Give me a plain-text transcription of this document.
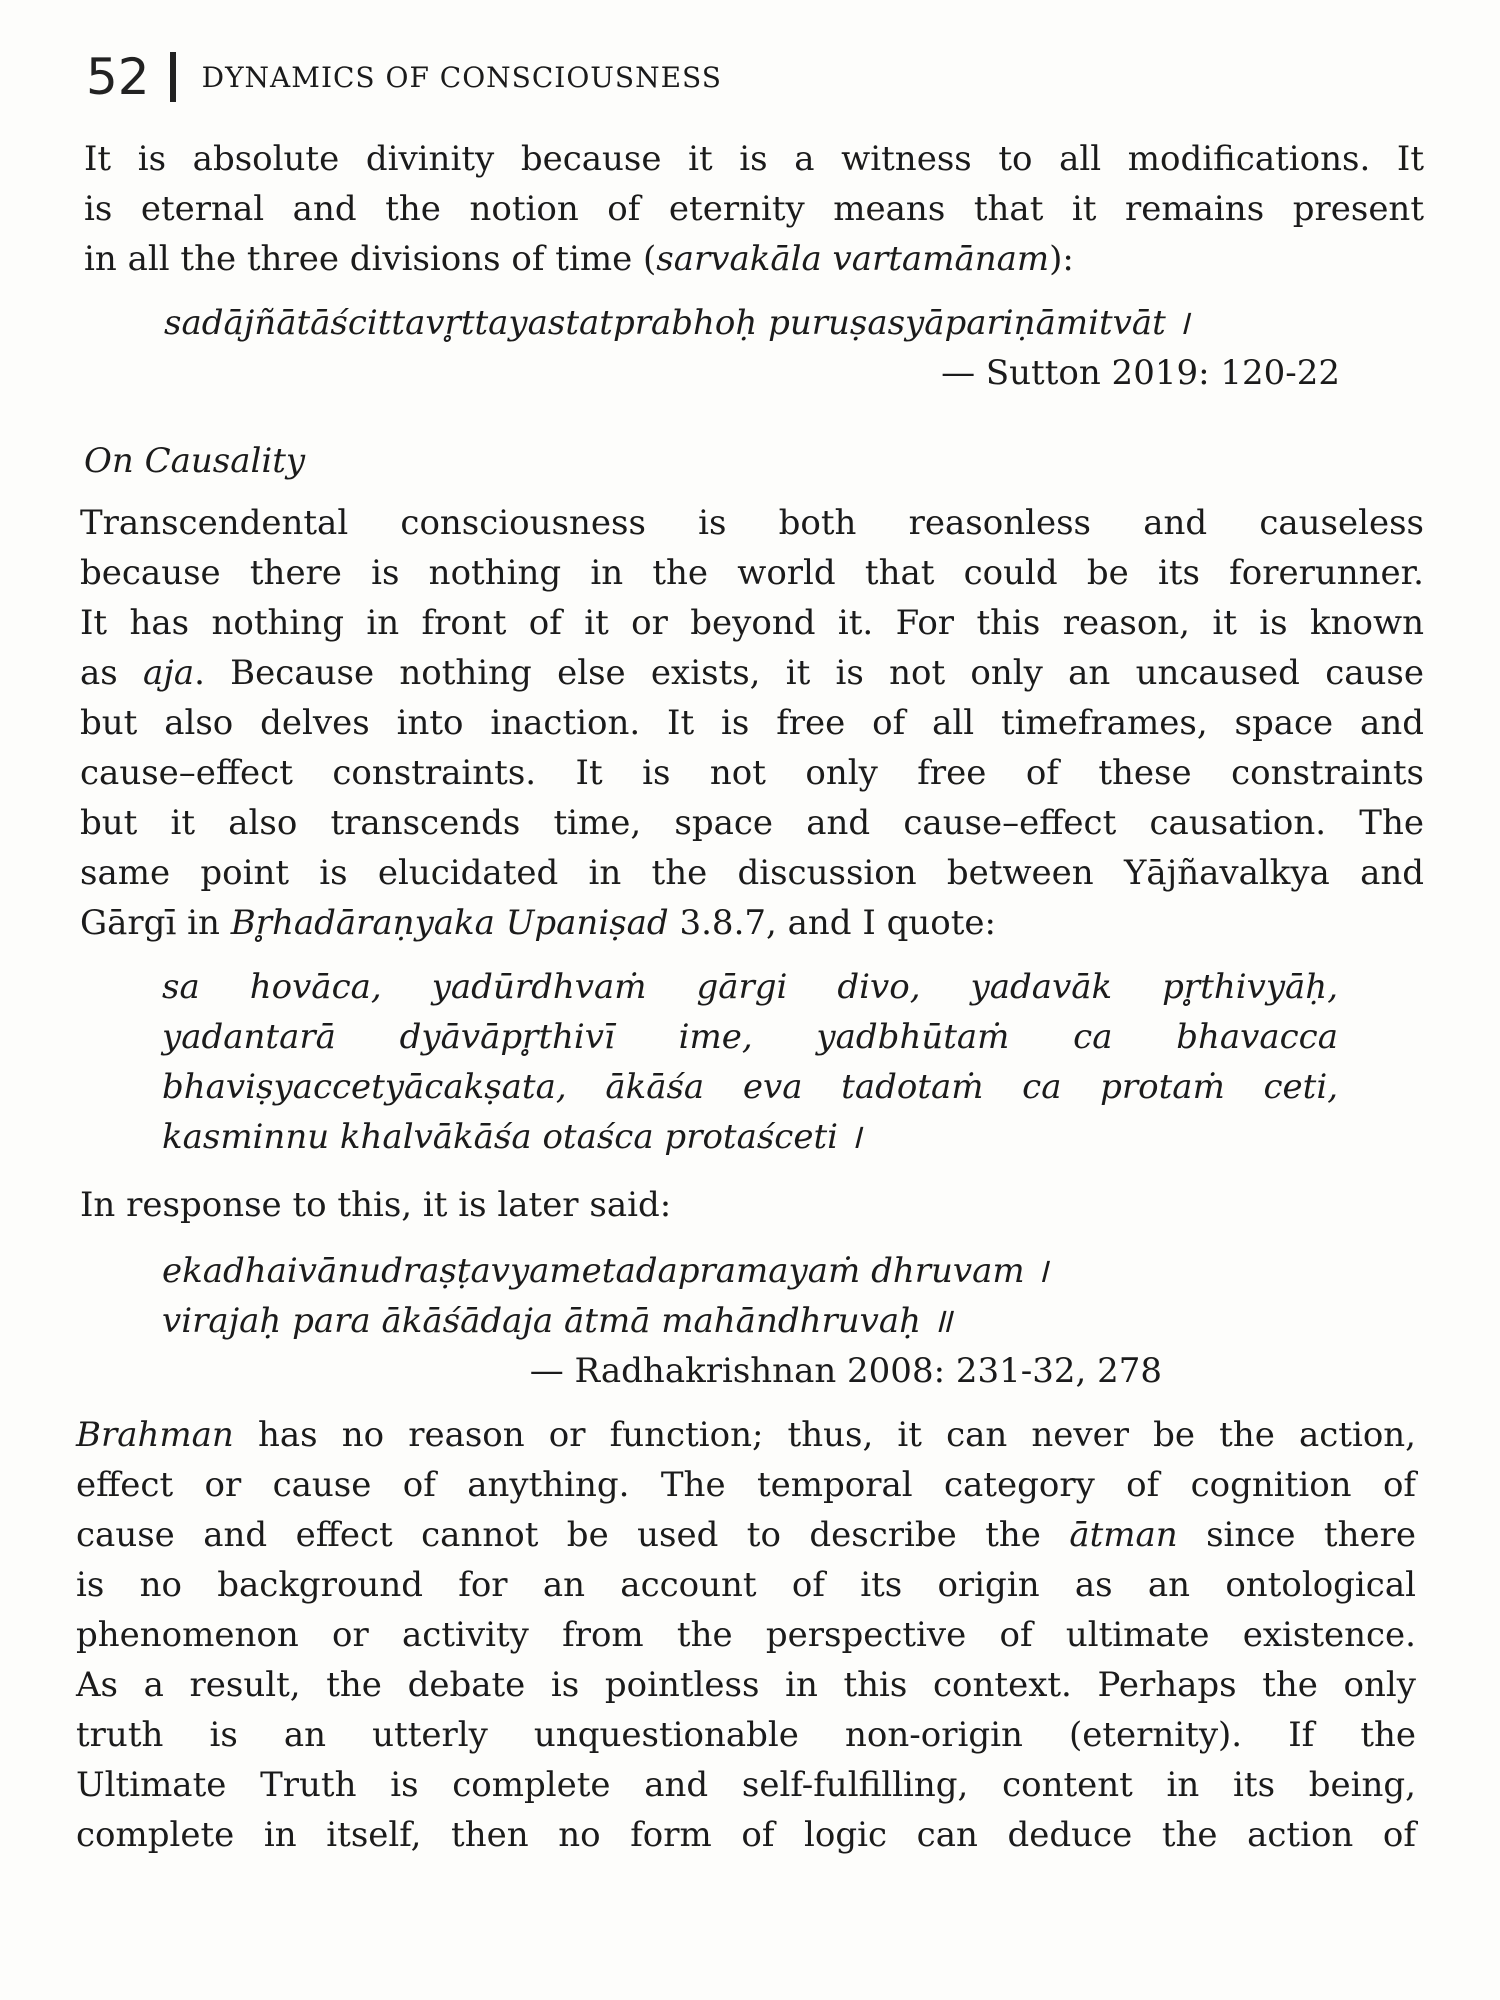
52 DYNAMICS OF CONSCIOUSNESS
It is absolute divinity because it is a witness to all modifications. It
is eternal and the notion of eternity means that it remains present
in all the three divisions of time (sarvakāla vartamānam):
sadājñātāścittavr̥ttayastatprabhoḥ puruṣasyāpariṇāmitvāt ।
— Sutton 2019: 120-22
On Causality
Transcendental consciousness is both reasonless and causeless
because there is nothing in the world that could be its forerunner.
It has nothing in front of it or beyond it. For this reason, it is known
as aja. Because nothing else exists, it is not only an uncaused cause
but also delves into inaction. It is free of all timeframes, space and
cause–effect constraints. It is not only free of these constraints
but it also transcends time, space and cause–effect causation. The
same point is elucidated in the discussion between Yājñavalkya and
Gārgī in Br̥hadāraṇyaka Upaniṣad 3.8.7, and I quote:
sa hovāca, yadūrdhvaṁ gārgi divo, yadavāk pr̥thivyāḥ,
yadantarā dyāvāpr̥thivī ime, yadbhūtaṁ ca bhavacca
bhaviṣyaccetyācakṣata, ākāśa eva tadotaṁ ca protaṁ ceti,
kasminnu khalvākāśa otaśca protaśceti ।
In response to this, it is later said:
ekadhaivānudraṣṭavyametadapramayaṁ dhruvam ।
virajaḥ para ākāśādaja ātmā mahāndhruvaḥ ॥
— Radhakrishnan 2008: 231-32, 278
Brahman has no reason or function; thus, it can never be the action,
effect or cause of anything. The temporal category of cognition of
cause and effect cannot be used to describe the ātman since there
is no background for an account of its origin as an ontological
phenomenon or activity from the perspective of ultimate existence.
As a result, the debate is pointless in this context. Perhaps the only
truth is an utterly unquestionable non-origin (eternity). If the
Ultimate Truth is complete and self-fulfilling, content in its being,
complete in itself, then no form of logic can deduce the action of
